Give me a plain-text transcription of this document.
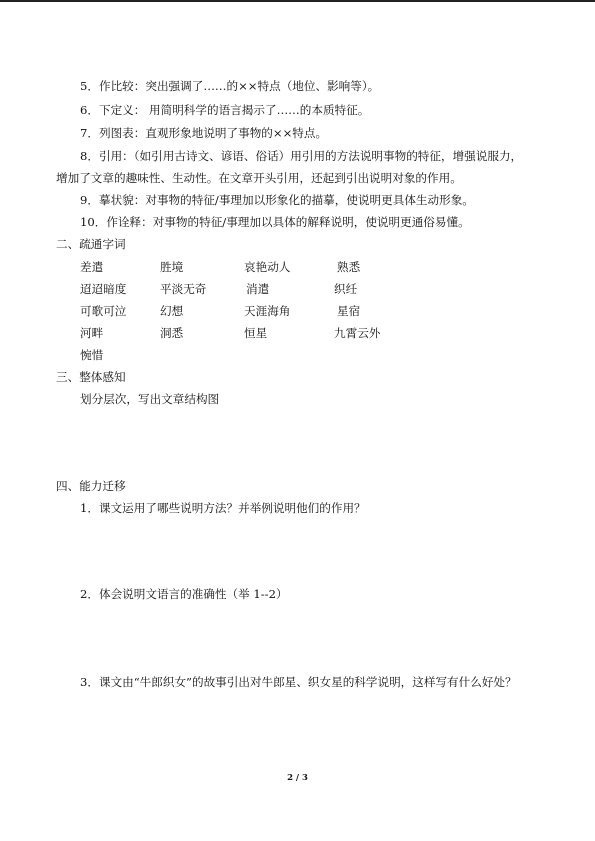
5．作比较：突出强调了……的××特点（地位、影响等）。
6．下定义： 用简明科学的语言揭示了……的本质特征。
7．列图表：直观形象地说明了事物的××特点。
8．引用：（如引用古诗文、谚语、俗话）用引用的方法说明事物的特征，增强说服力，
增加了文章的趣味性、生动性。在文章开头引用，还起到引出说明对象的作用。
9．摹状貌：对事物的特征/事理加以形象化的描摹，使说明更具体生动形象。
10．作诠释：对事物的特征/事理加以具体的解释说明，使说明更通俗易懂。
二、疏通字词
差遣	胜境	哀艳动人	熟悉
迢迢暗度	平淡无奇	消遣	织纴
可歌可泣	幻想	天涯海角	星宿
河畔	洞悉	恒星	九霄云外
惋惜
三、整体感知
划分层次，写出文章结构图
四、能力迁移
1．课文运用了哪些说明方法？并举例说明他们的作用？
2．体会说明文语言的准确性（举 1--2）
3．课文由“牛郎织女”的故事引出对牛郎星、织女星的科学说明，这样写有什么好处？
2 / 3
